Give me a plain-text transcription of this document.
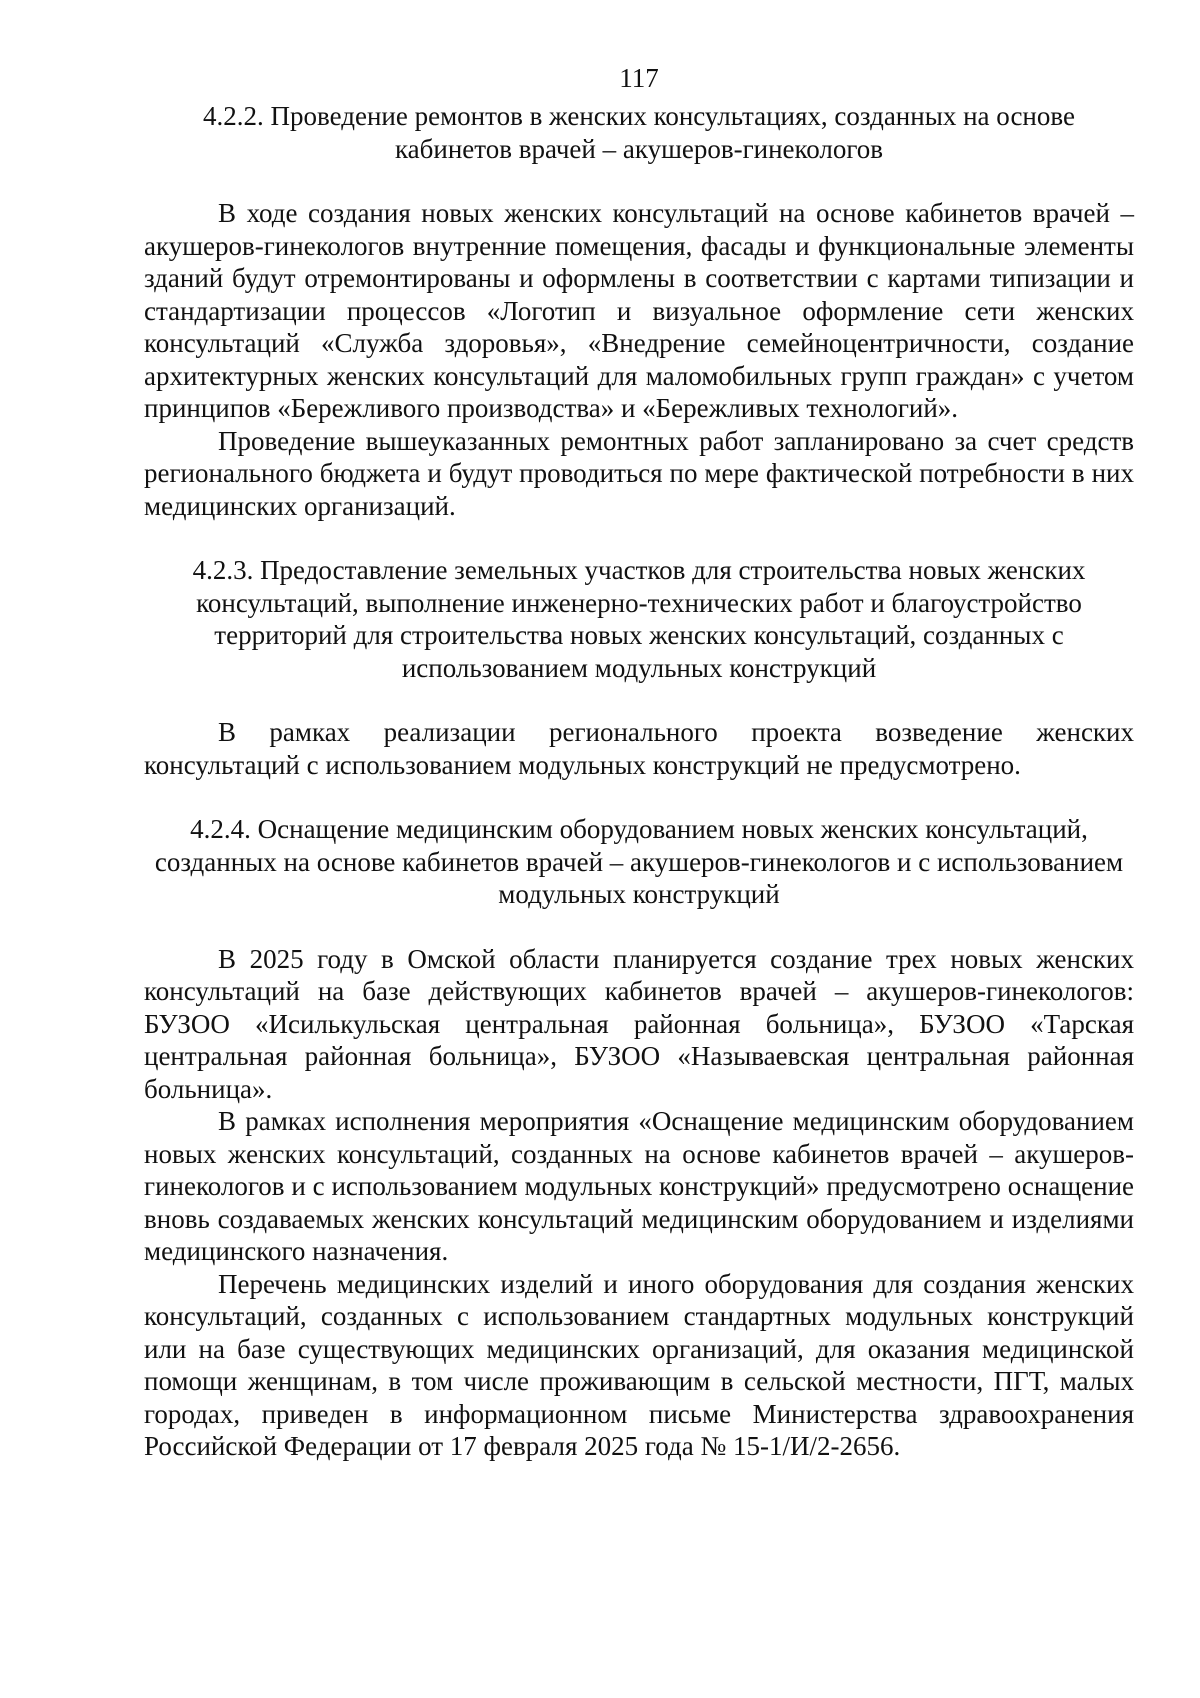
117
4.2.2. Проведение ремонтов в женских консультациях, созданных на основе кабинетов врачей – акушеров-гинекологов

В ходе создания новых женских консультаций на основе кабинетов врачей – акушеров-гинекологов внутренние помещения, фасады и функциональные элементы зданий будут отремонтированы и оформлены в соответствии с картами типизации и стандартизации процессов «Логотип и визуальное оформление сети женских консультаций «Служба здоровья», «Внедрение семейноцентричности, создание архитектурных женских консультаций для маломобильных групп граждан» с учетом принципов «Бережливого производства» и «Бережливых технологий».

Проведение вышеуказанных ремонтных работ запланировано за счет средств регионального бюджета и будут проводиться по мере фактической потребности в них медицинских организаций.

4.2.3. Предоставление земельных участков для строительства новых женских консультаций, выполнение инженерно-технических работ и благоустройство территорий для строительства новых женских консультаций, созданных с использованием модульных конструкций

В рамках реализации регионального проекта возведение женских консультаций с использованием модульных конструкций не предусмотрено.

4.2.4. Оснащение медицинским оборудованием новых женских консультаций, созданных на основе кабинетов врачей – акушеров-гинекологов и с использованием модульных конструкций

В 2025 году в Омской области планируется создание трех новых женских консультаций на базе действующих кабинетов врачей – акушеров-гинекологов: БУЗОО «Исилькульская центральная районная больница», БУЗОО «Тарская центральная районная больница», БУЗОО «Называевская центральная районная больница».

В рамках исполнения мероприятия «Оснащение медицинским оборудованием новых женских консультаций, созданных на основе кабинетов врачей – акушеров-гинекологов и с использованием модульных конструкций» предусмотрено оснащение вновь создаваемых женских консультаций медицинским оборудованием и изделиями медицинского назначения.

Перечень медицинских изделий и иного оборудования для создания женских консультаций, созданных с использованием стандартных модульных конструкций или на базе существующих медицинских организаций, для оказания медицинской помощи женщинам, в том числе проживающим в сельской местности, ПГТ, малых городах, приведен в информационном письме Министерства здравоохранения Российской Федерации от 17 февраля 2025 года № 15-1/И/2-2656.
